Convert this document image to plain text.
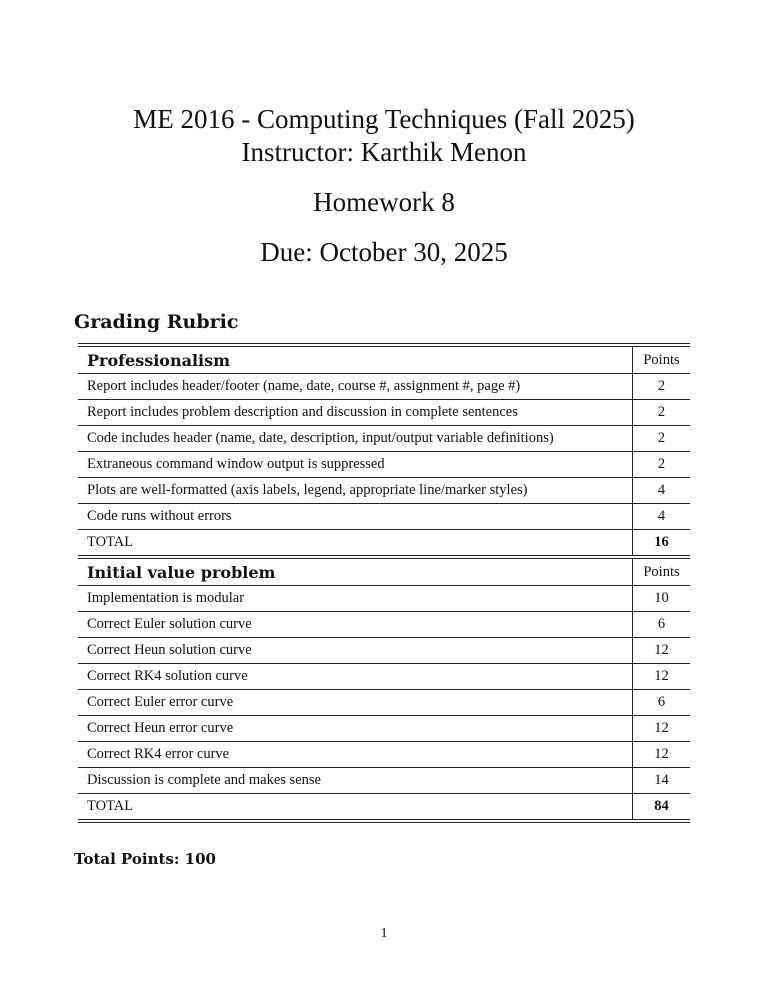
ME 2016 - Computing Techniques (Fall 2025)
Instructor: Karthik Menon
Homework 8
Due: October 30, 2025
Grading Rubric
Professionalism	Points
Report includes header/footer (name, date, course #, assignment #, page #)	2
Report includes problem description and discussion in complete sentences	2
Code includes header (name, date, description, input/output variable definitions)	2
Extraneous command window output is suppressed	2
Plots are well-formatted (axis labels, legend, appropriate line/marker styles)	4
Code runs without errors	4
TOTAL	16
Initial value problem	Points
Implementation is modular	10
Correct Euler solution curve	6
Correct Heun solution curve	12
Correct RK4 solution curve	12
Correct Euler error curve	6
Correct Heun error curve	12
Correct RK4 error curve	12
Discussion is complete and makes sense	14
TOTAL	84
Total Points: 100
1
